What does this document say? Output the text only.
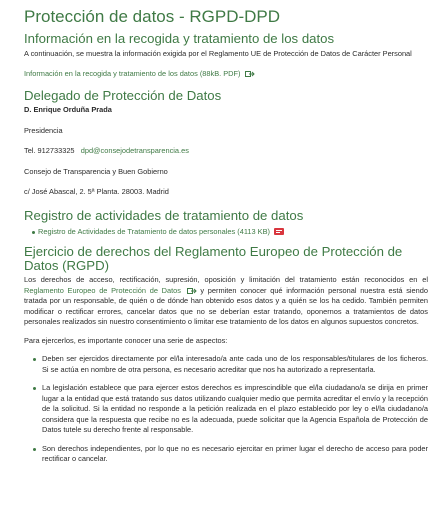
Protección de datos - RGPD-DPD
Información en la recogida y tratamiento de los datos

A continuación, se muestra la información exigida por el Reglamento UE de Protección de Datos de Carácter Personal

Información en la recogida y tratamiento de los datos (88kB. PDF)

Delegado de Protección de Datos

D. Enrique Orduña Prada

Presidencia

Tel. 912733325 dpd@consejodetransparencia.es

Consejo de Transparencia y Buen Gobierno

c/ José Abascal, 2. 5ª Planta. 28003. Madrid

Registro de actividades de tratamiento de datos
Registro de Actividades de Tratamiento de datos personales (4113 KB)
Ejercicio de derechos del Reglamento Europeo de Protección de Datos (RGPD)

Los derechos de acceso, rectificación, supresión, oposición y limitación del tratamiento están reconocidos en el Reglamento Europeo de Protección de Datos	y permiten conocer qué información personal nuestra está siendo tratada por un responsable, de quién o de dónde han obtenido esos datos y a quién se los ha cedido. También permiten modificar o rectificar errores, cancelar datos que no se deberían estar tratando, oponernos a tratamientos de datos personales realizados sin nuestro consentimiento o limitar ese tratamiento de los datos en algunos supuestos concretos.

Para ejercerlos, es importante conocer una serie de aspectos:

Deben ser ejercidos directamente por el/la interesado/a ante cada uno de los responsables/titulares de los ficheros. Si se actúa en nombre de otra persona, es necesario acreditar que nos ha autorizado a representarla.
La legislación establece que para ejercer estos derechos es imprescindible que el/la ciudadano/a se dirija en primer lugar a la entidad que está tratando sus datos utilizando cualquier medio que permita acreditar el envío y la recepción de la solicitud. Si la entidad no responde a la petición realizada en el plazo establecido por ley o el/la ciudadano/a considera que la respuesta que recibe no es la adecuada, puede solicitar que la Agencia Española de Protección de Datos tutele su derecho frente al responsable.
Son derechos independientes, por lo que no es necesario ejercitar en primer lugar el derecho de acceso para poder rectificar o cancelar.
